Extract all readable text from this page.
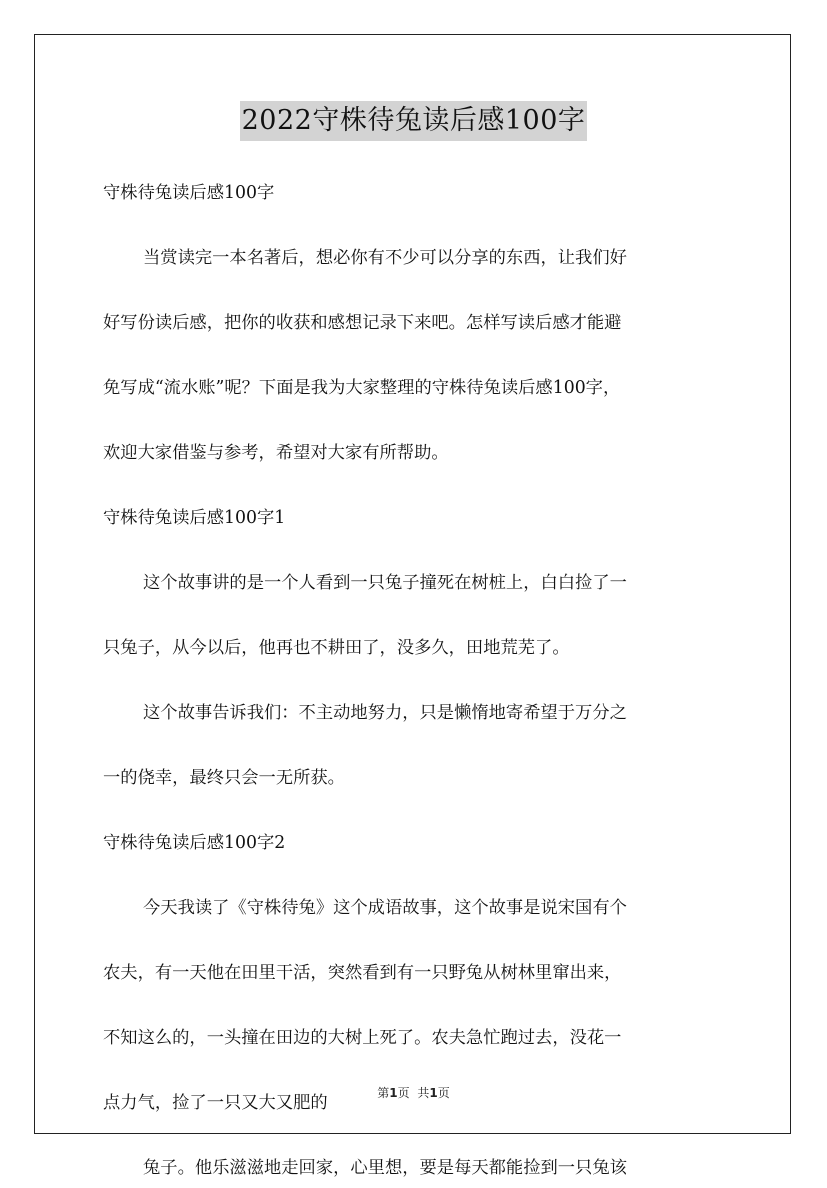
2022守株待兔读后感100字

守株待兔读后感100字

当赏读完一本名著后，想必你有不少可以分享的东西，让我们好

好写份读后感，把你的收获和感想记录下来吧。怎样写读后感才能避

免写成“流水账”呢？下面是我为大家整理的守株待兔读后感100字，

欢迎大家借鉴与参考，希望对大家有所帮助。

守株待兔读后感100字1

这个故事讲的是一个人看到一只兔子撞死在树桩上，白白捡了一

只兔子，从今以后，他再也不耕田了，没多久，田地荒芜了。

这个故事告诉我们：不主动地努力，只是懒惰地寄希望于万分之

一的侥幸，最终只会一无所获。

守株待兔读后感100字2

今天我读了《守株待兔》这个成语故事，这个故事是说宋国有个

农夫，有一天他在田里干活，突然看到有一只野兔从树林里窜出来，

不知这么的，一头撞在田边的大树上死了。农夫急忙跑过去，没花一

点力气，捡了一只又大又肥的

兔子。他乐滋滋地走回家，心里想，要是每天都能捡到一只兔该

第1页 共1页
